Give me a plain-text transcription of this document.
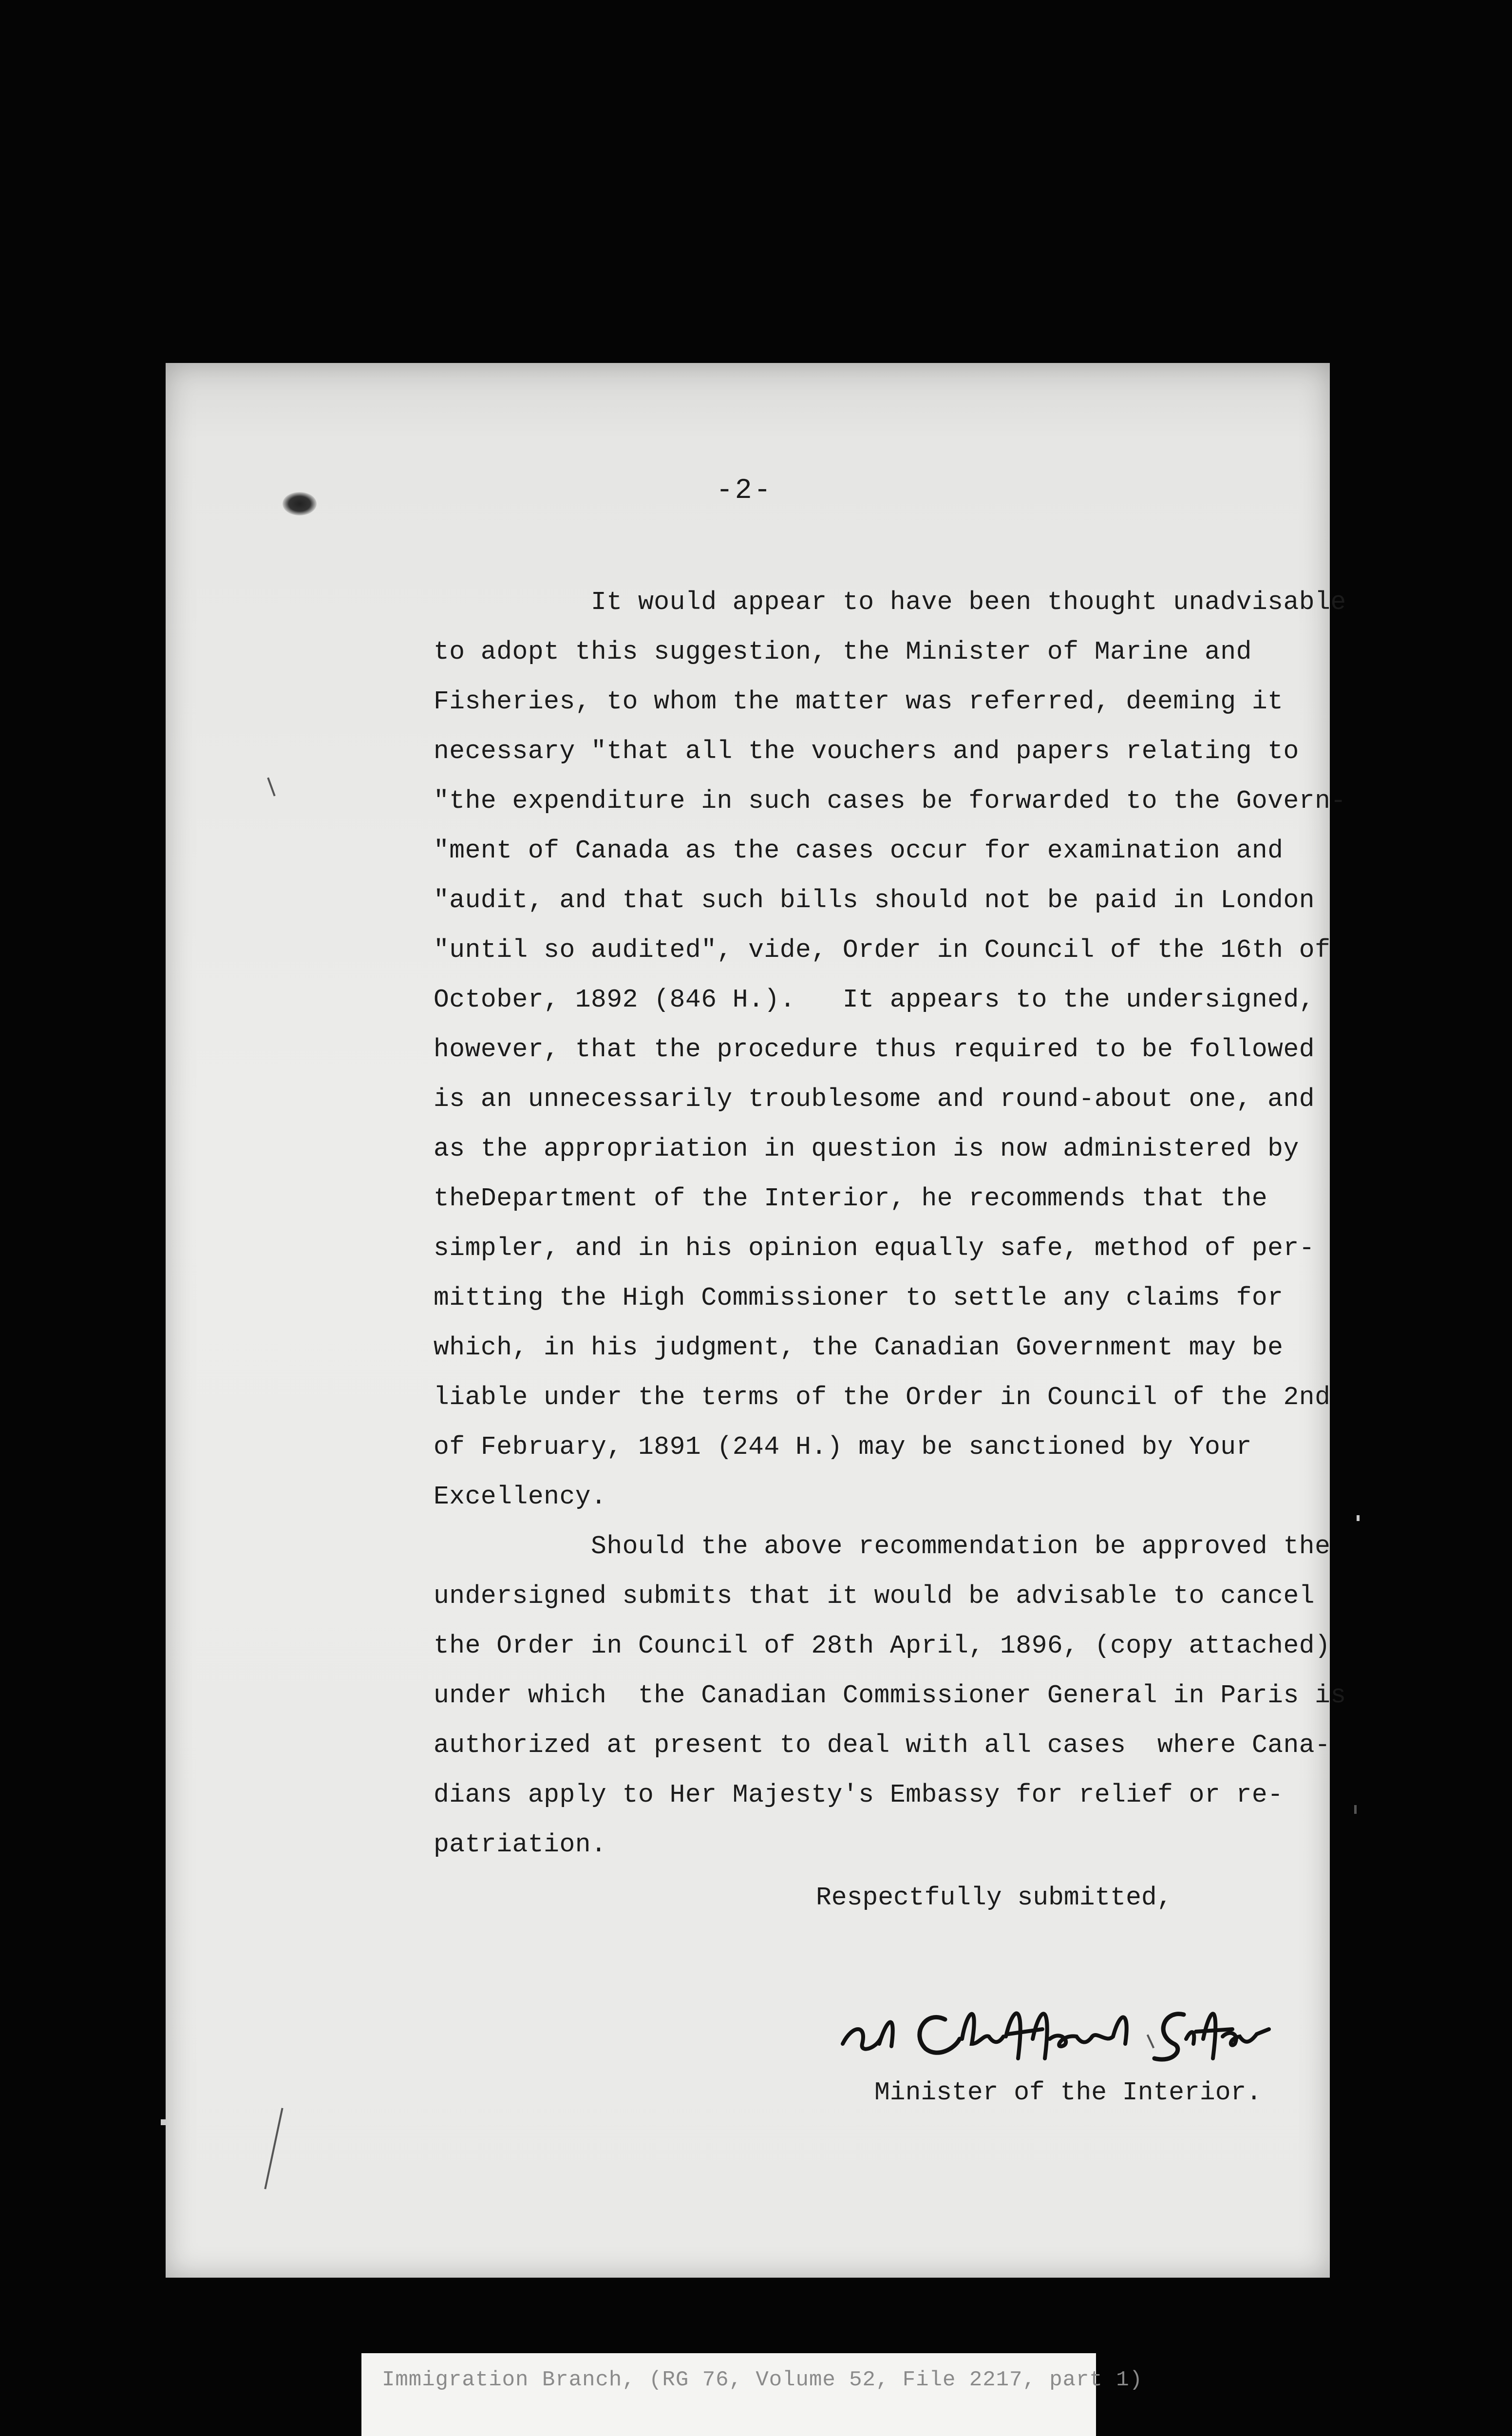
-2-
It would appear to have been thought unadvisable
to adopt this suggestion, the Minister of Marine and
Fisheries, to whom the matter was referred, deeming it
necessary "that all the vouchers and papers relating to
"the expenditure in such cases be forwarded to the Govern-
"ment of Canada as the cases occur for examination and
"audit, and that such bills should not be paid in London
"until so audited", vide, Order in Council of the 16th of
October, 1892 (846 H.).   It appears to the undersigned,
however, that the procedure thus required to be followed
is an unnecessarily troublesome and round-about one, and
as the appropriation in question is now administered by
theDepartment of the Interior, he recommends that the
simpler, and in his opinion equally safe, method of per-
mitting the High Commissioner to settle any claims for
which, in his judgment, the Canadian Government may be
liable under the terms of the Order in Council of the 2nd
of February, 1891 (244 H.) may be sanctioned by Your
Excellency.
Should the above recommendation be approved the
undersigned submits that it would be advisable to cancel
the Order in Council of 28th April, 1896, (copy attached)
under which  the Canadian Commissioner General in Paris is
authorized at present to deal with all cases  where Cana-
dians apply to Her Majesty's Embassy for relief or re-
patriation.
Respectfully submitted,
Minister of the Interior.
Immigration Branch, (RG 76, Volume 52, File 2217, part 1)
